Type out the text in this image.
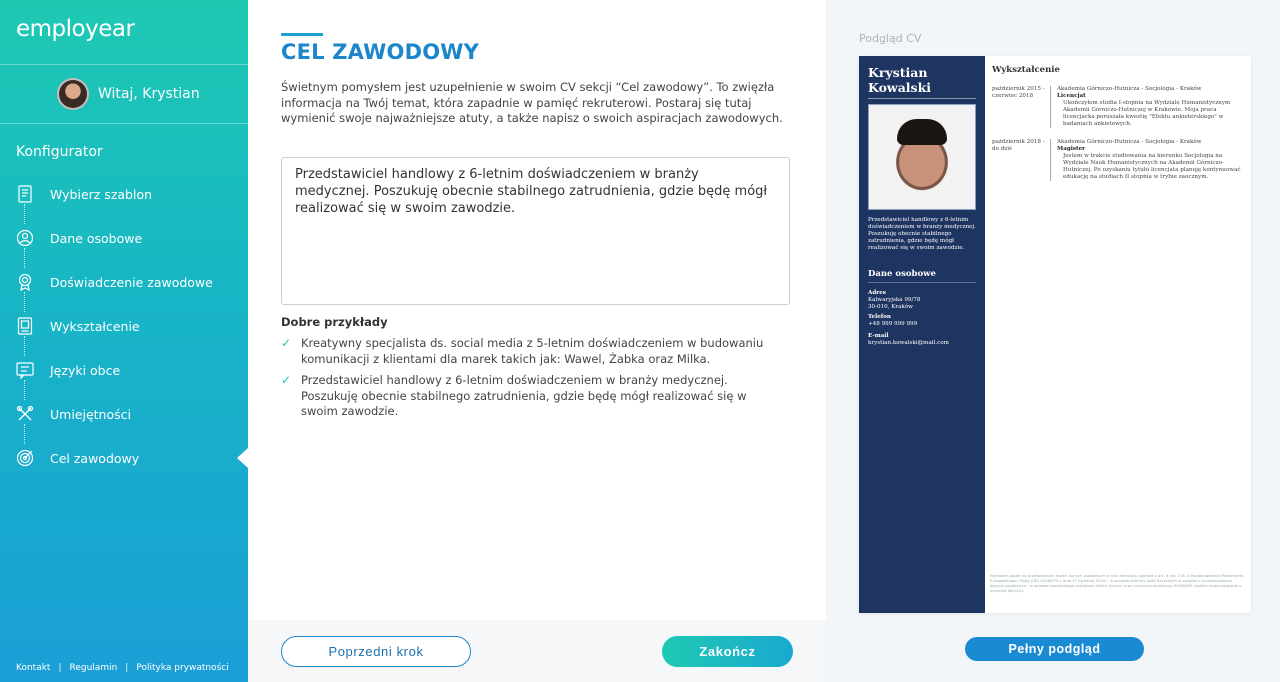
employear
Witaj, Krystian
Konfigurator
Wybierz szablon
Dane osobowe
Doświadczenie zawodowe
Wykształcenie
Języki obce
Umiejętności
Cel zawodowy
Kontakt | Regulamin | Polityka prywatności
CEL ZAWODOWY

Świetnym pomysłem jest uzupełnienie w swoim CV sekcji “Cel zawodowy”. To zwięzła informacja na Twój temat, która zapadnie w pamięć rekruterowi. Postaraj się tutaj wymienić swoje najważniejsze atuty, a także napisz o swoich aspiracjach zawodowych.

Przedstawiciel handlowy z 6-letnim doświadczeniem w branży medycznej. Poszukuję obecnie stabilnego zatrudnienia, gdzie będę mógł realizować się w swoim zawodzie.
Dobre przykłady
✓ Kreatywny specjalista ds. social media z 5-letnim doświadczeniem w budowaniu komunikacji z klientami dla marek takich jak: Wawel, Żabka oraz Milka.
✓ Przedstawiciel handlowy z 6-letnim doświadczeniem w branży medycznej. Poszukuję obecnie stabilnego zatrudnienia, gdzie będę mógł realizować się w swoim zawodzie.
Poprzedni krok	Zakończ
Podgląd CV
Krystian
Kowalski
Przedstawiciel handlowy z 6-letnim doświadczeniem w branży medycznej. Poszukuję obecnie stabilnego zatrudnienia, gdzie będę mógł realizować się w swoim zawodzie.
Dane osobowe
Adres
Kalwaryjska 99/78
30-010, Kraków
Telefon
+48 999 999 999
E-mail
krystian.kowalski@mail.com
Wykształcenie
październik 2015 - czerwiec 2018
Akademia Górniczo-Hutnicza - Socjologia - Kraków
Licencjat
Ukończyłem studia I-stopnia na Wydziale Humanistycznym Akademii Górniczo-Hutniczej w Krakowie. Moja praca licencjacka poruszała kwestię "Efektu ankieterskiego" w badaniach ankietowych.
październik 2018 - do dziś
Akademia Górniczo-Hutnicza - Socjologia - Kraków
Magister
Jestem w trakcie studiowania na kierunku Socjologia na Wydziale Nauk Humanistycznych na Akademii Górniczo-Hutniczej. Po uzyskaniu tytułu licencjata planuję kontynuować edukację na studiach II stopnia w trybie zaocznym.
Wyrażam zgodę na przetwarzanie moich danych osobowych w celu rekrutacji zgodnie z art. 6 ust. 1 lit. a Rozporządzenia Parlamentu Europejskiego i Rady (UE) 2016/679 z dnia 27 kwietnia 2016 r. w sprawie ochrony osób fizycznych w związku z przetwarzaniem danych osobowych i w sprawie swobodnego przepływu takich danych oraz uchylenia dyrektywy 95/46/WE (ogólne rozporządzenie o ochronie danych).
Pełny podgląd
